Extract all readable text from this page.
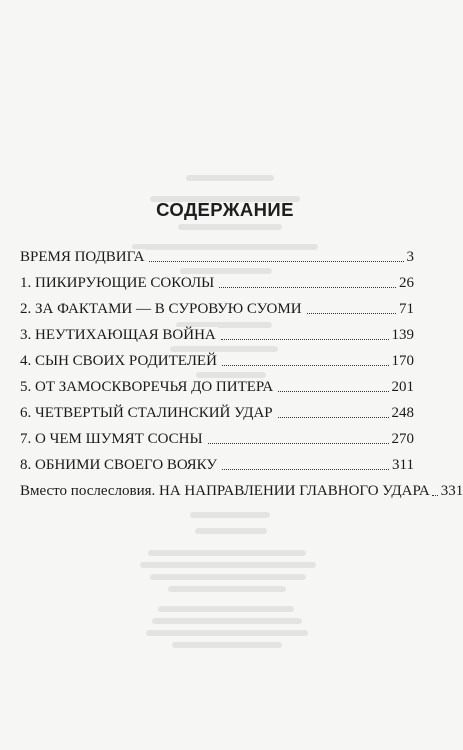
СОДЕРЖАНИЕ
ВРЕМЯ ПОДВИГА	3
1. ПИКИРУЮЩИЕ СОКОЛЫ	26
2. ЗА ФАКТАМИ — В СУРОВУЮ СУОМИ	71
3. НЕУТИХАЮЩАЯ ВОЙНА	139
4. СЫН СВОИХ РОДИТЕЛЕЙ	170
5. ОТ ЗАМОСКВОРЕЧЬЯ ДО ПИТЕРА	201
6. ЧЕТВЕРТЫЙ СТАЛИНСКИЙ УДАР	248
7. О ЧЕМ ШУМЯТ СОСНЫ	270
8. ОБНИМИ СВОЕГО ВОЯКУ	311
Вместо послесловия. НА НАПРАВЛЕНИИ ГЛАВНОГО УДАРА 331
